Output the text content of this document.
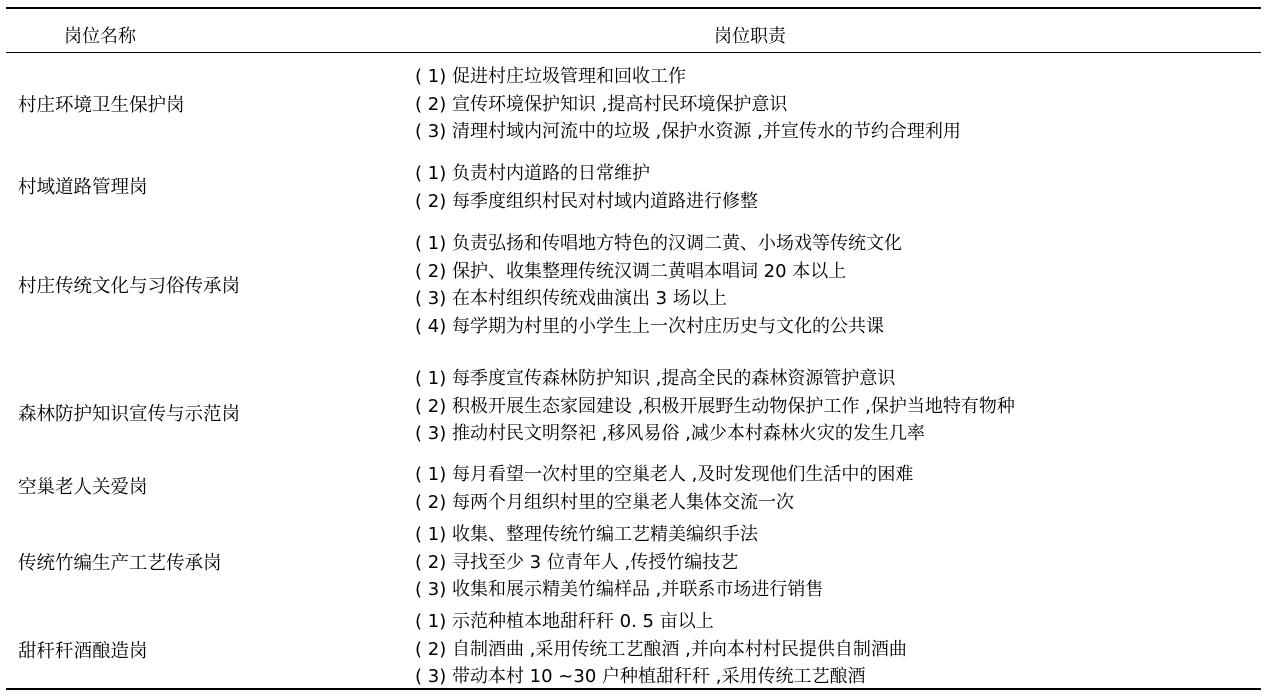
岗位名称	岗位职责
村庄环境卫生保护岗
( 1) 促进村庄垃圾管理和回收工作
( 2) 宣传环境保护知识 ,提高村民环境保护意识
( 3) 清理村域内河流中的垃圾 ,保护水资源 ,并宣传水的节约合理利用
村域道路管理岗
( 1) 负责村内道路的日常维护
( 2) 每季度组织村民对村域内道路进行修整
村庄传统文化与习俗传承岗
( 1) 负责弘扬和传唱地方特色的汉调二黄、小场戏等传统文化
( 2) 保护、收集整理传统汉调二黄唱本唱词 20 本以上
( 3) 在本村组织传统戏曲演出 3 场以上
( 4) 每学期为村里的小学生上一次村庄历史与文化的公共课
森林防护知识宣传与示范岗
( 1) 每季度宣传森林防护知识 ,提高全民的森林资源管护意识
( 2) 积极开展生态家园建设 ,积极开展野生动物保护工作 ,保护当地特有物种
( 3) 推动村民文明祭祀 ,移风易俗 ,减少本村森林火灾的发生几率
空巢老人关爱岗
( 1) 每月看望一次村里的空巢老人 ,及时发现他们生活中的困难
( 2) 每两个月组织村里的空巢老人集体交流一次
传统竹编生产工艺传承岗
( 1) 收集、整理传统竹编工艺精美编织手法
( 2) 寻找至少 3 位青年人 ,传授竹编技艺
( 3) 收集和展示精美竹编样品 ,并联系市场进行销售
甜秆秆酒酿造岗
( 1) 示范种植本地甜秆秆 0. 5 亩以上
( 2) 自制酒曲 ,采用传统工艺酿酒 ,并向本村村民提供自制酒曲
( 3) 带动本村 10 ~30 户种植甜秆秆 ,采用传统工艺酿酒
